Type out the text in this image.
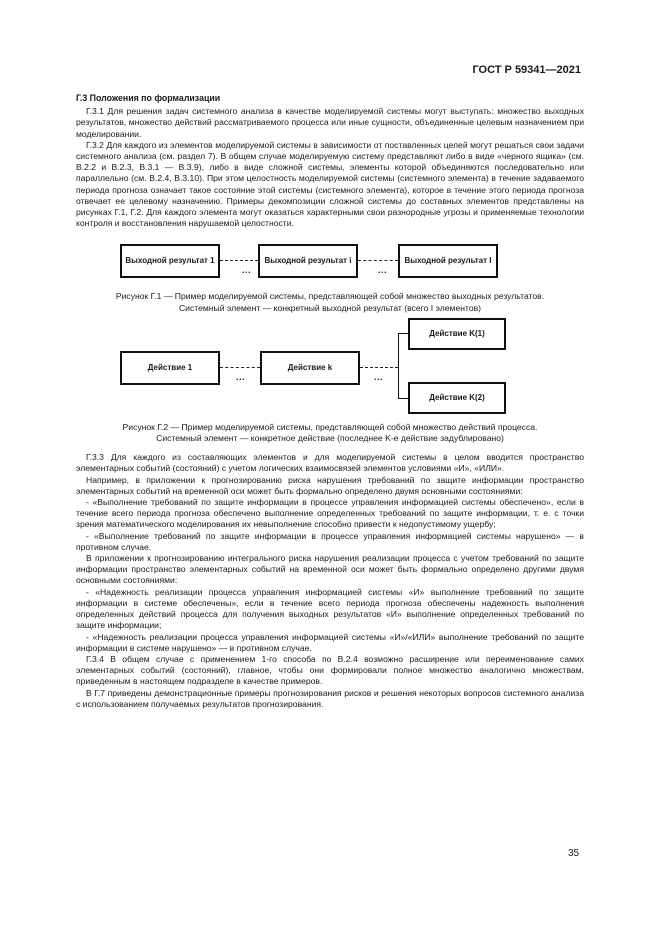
ГОСТ Р 59341—2021
Г.3 Положения по формализации

Г.3.1 Для решения задач системного анализа в качестве моделируемой системы могут выступать: множество выходных результатов, множество действий рассматриваемого процесса или иные сущности, объединенные целевым назначением при моделировании.

Г.3.2 Для каждого из элементов моделируемой системы в зависимости от поставленных целей могут решаться свои задачи системного анализа (см. раздел 7). В общем случае моделируемую систему представляют либо в виде «черного ящика» (см. В.2.2 и В.2.3, В.3.1 — В.3.9), либо в виде сложной системы, элементы которой объединяются последовательно или параллельно (см. В.2.4, В.3.10). При этом целостность моделируемой системы (системного элемента) в течение задаваемого периода прогноза означает такое состояние этой системы (системного элемента), которое в течение этого периода прогноза отвечает ее целевому назначению. Примеры декомпозиции сложной системы до составных элементов представлены на рисунках Г.1, Г.2. Для каждого элемента могут оказаться характерными свои разнородные угрозы и применяемые технологии контроля и восстановления нарушаемой целостности.

Выходной результат 1
...
Выходной результат i
...
Выходной результат I
Рисунок Г.1 — Пример моделируемой системы, представляющей собой множество выходных результатов.
Системный элемент — конкретный выходной результат (всего I элементов)
Действие 1
...
Действие k
...
Действие K(1)
Действие K(2)
Рисунок Г.2 — Пример моделируемой системы, представляющей собой множество действий процесса.
Системный элемент — конкретное действие (последнее K-е действие задублировано)

Г.3.3 Для каждого из составляющих элементов и для моделируемой системы в целом вводится пространство элементарных событий (состояний) с учетом логических взаимосвязей элементов условиями «И», «ИЛИ».

Например, в приложении к прогнозированию риска нарушения требований по защите информации пространство элементарных событий на временной оси может быть формально определено двумя основными состояниями:

- «Выполнение требований по защите информации в процессе управления информацией системы обеспечено», если в течение всего периода прогноза обеспечено выполнение определенных требований по защите информации, т. е. с точки зрения математического моделирования их невыполнение способно привести к недопустимому ущербу;

- «Выполнение требований по защите информации в процессе управления информацией системы нарушено» — в противном случае.

В приложении к прогнозированию интегрального риска нарушения реализации процесса с учетом требований по защите информации пространство элементарных событий на временной оси может быть формально определено другими двумя основными состояниями:

- «Надежность реализации процесса управления информацией системы «И» выполнение требований по защите информации в системе обеспечены», если в течение всего периода прогноза обеспечены надежность выполнения определенных действий процесса для получения выходных результатов «И» выполнение определенных требований по защите информации;

- «Надежность реализации процесса управления информацией системы «И»/«ИЛИ» выполнение требований по защите информации в системе нарушено» — в противном случае.

Г.3.4 В общем случае с применением 1-го способа по В.2.4 возможно расширение или переименование самих элементарных событий (состояний), главное, чтобы они формировали полное множество аналогично множествам, приведенным в настоящем подразделе в качестве примеров.

В Г.7 приведены демонстрационные примеры прогнозирования рисков и решения некоторых вопросов системного анализа с использованием получаемых результатов прогнозирования.

35
